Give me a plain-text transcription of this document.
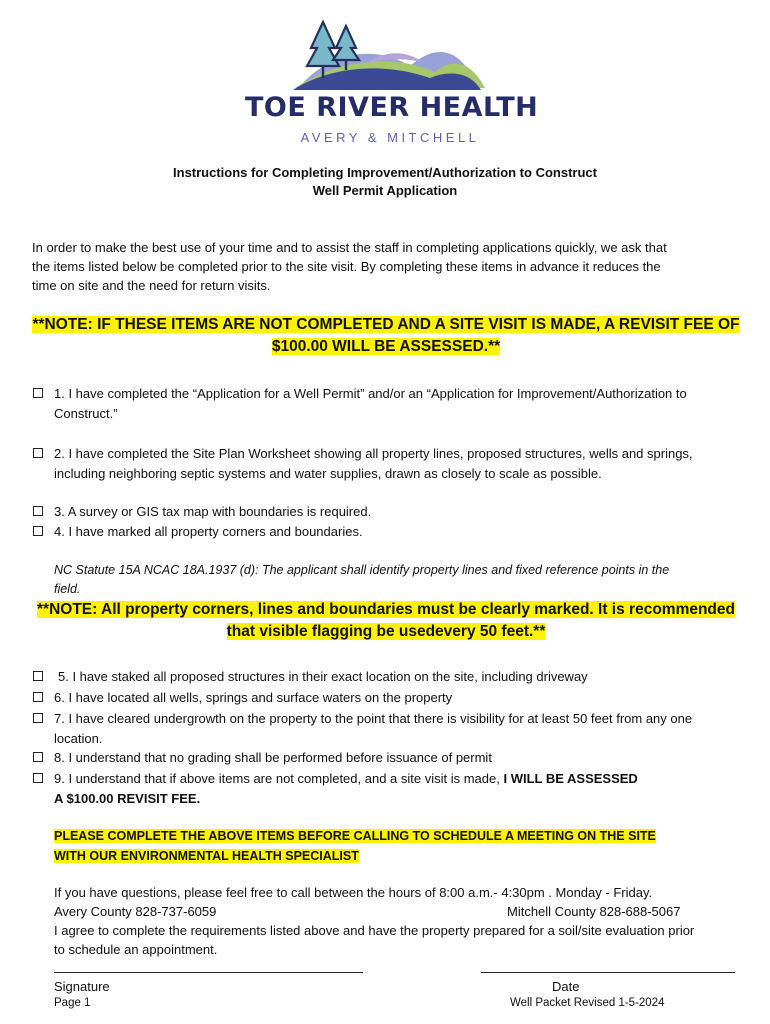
TOE RIVER HEALTH
AVERY & MITCHELL
Instructions for Completing Improvement/Authorization to Construct
Well Permit Application
In order to make the best use of your time and to assist the staff in completing applications quickly, we ask that
the items listed below be completed prior to the site visit. By completing these items in advance it reduces the
time on site and the need for return visits.
**NOTE: IF THESE ITEMS ARE NOT COMPLETED AND A SITE VISIT IS MADE, A REVISIT FEE OF
$100.00 WILL BE ASSESSED.**
1. I have completed the “Application for a Well Permit” and/or an “Application for Improvement/Authorization to
Construct.”
2. I have completed the Site Plan Worksheet showing all property lines, proposed structures, wells and springs,
including neighboring septic systems and water supplies, drawn as closely to scale as possible.
3. A survey or GIS tax map with boundaries is required.
4. I have marked all property corners and boundaries.
NC Statute 15A NCAC 18A.1937 (d): The applicant shall identify property lines and fixed reference points in the
field.
**NOTE: All property corners, lines and boundaries must be clearly marked. It is recommended
that visible flagging be usedevery 50 feet.**
5. I have staked all proposed structures in their exact location on the site, including driveway
6. I have located all wells, springs and surface waters on the property
7. I have cleared undergrowth on the property to the point that there is visibility for at least 50 feet from any one
location.
8. I understand that no grading shall be performed before issuance of permit
9. I understand that if above items are not completed, and a site visit is made, I WILL BE ASSESSED
A $100.00 REVISIT FEE.
PLEASE COMPLETE THE ABOVE ITEMS BEFORE CALLING TO SCHEDULE A MEETING ON THE SITE
WITH OUR ENVIRONMENTAL HEALTH SPECIALIST
If you have questions, please feel free to call between the hours of 8:00 a.m.- 4:30pm . Monday - Friday.
Avery County 828-737-6059	Mitchell County 828-688-5067
I agree to complete the requirements listed above and have the property prepared for a soil/site evaluation prior
to schedule an appointment.
Signature	Date
Page 1	Well Packet Revised 1-5-2024
